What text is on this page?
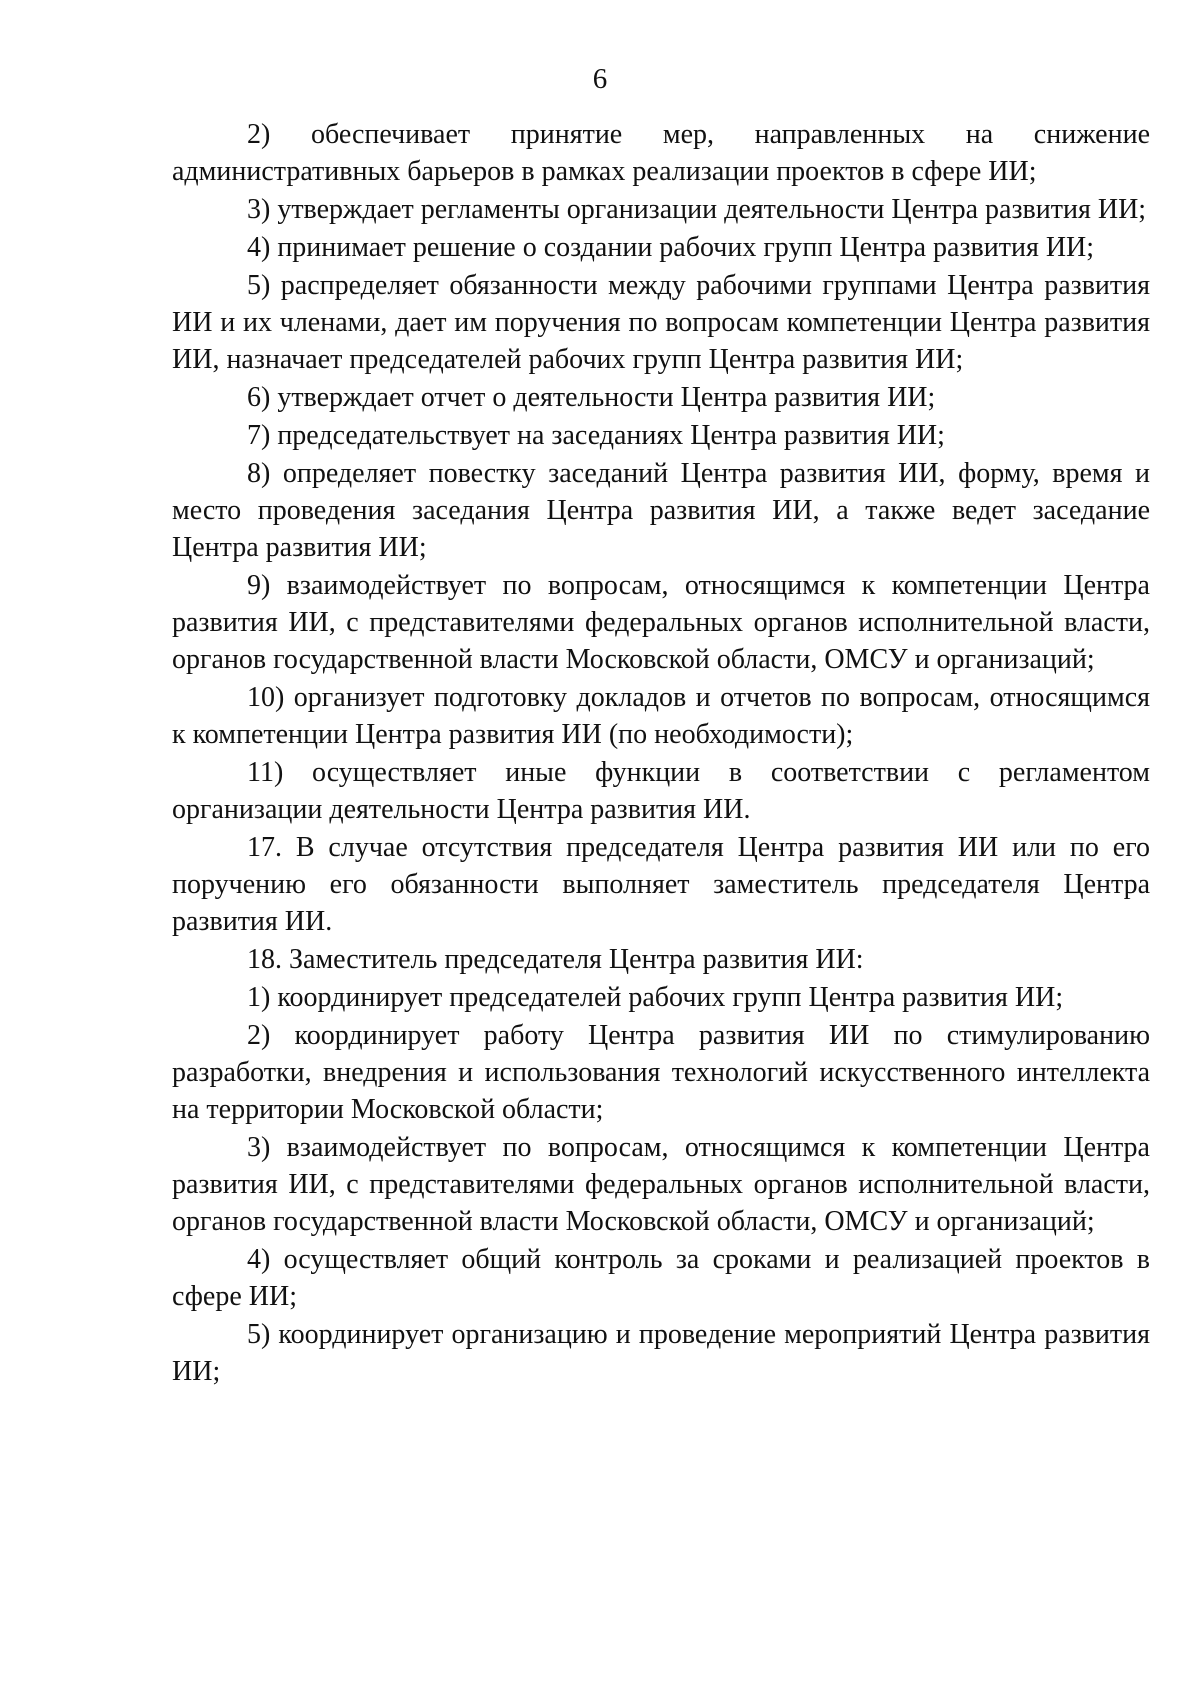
6

2) обеспечивает принятие мер, направленных на снижение административных барьеров в рамках реализации проектов в сфере ИИ;

3) утверждает регламенты организации деятельности Центра развития ИИ;

4) принимает решение о создании рабочих групп Центра развития ИИ;

5) распределяет обязанности между рабочими группами Центра развития ИИ и их членами, дает им поручения по вопросам компетенции Центра развития ИИ, назначает председателей рабочих групп Центра развития ИИ;

6) утверждает отчет о деятельности Центра развития ИИ;

7) председательствует на заседаниях Центра развития ИИ;

8) определяет повестку заседаний Центра развития ИИ, форму, время и место проведения заседания Центра развития ИИ, а также ведет заседание Центра развития ИИ;

9) взаимодействует по вопросам, относящимся к компетенции Центра развития ИИ, с представителями федеральных органов исполнительной власти, органов государственной власти Московской области, ОМСУ и организаций;

10) организует подготовку докладов и отчетов по вопросам, относящимся к компетенции Центра развития ИИ (по необходимости);

11) осуществляет иные функции в соответствии с регламентом организации деятельности Центра развития ИИ.

17. В случае отсутствия председателя Центра развития ИИ или по его поручению его обязанности выполняет заместитель председателя Центра развития ИИ.

18. Заместитель председателя Центра развития ИИ:

1) координирует председателей рабочих групп Центра развития ИИ;

2) координирует работу Центра развития ИИ по стимулированию разработки, внедрения и использования технологий искусственного интеллекта на территории Московской области;

3) взаимодействует по вопросам, относящимся к компетенции Центра развития ИИ, с представителями федеральных органов исполнительной власти, органов государственной власти Московской области, ОМСУ и организаций;

4) осуществляет общий контроль за сроками и реализацией проектов в сфере ИИ;

5) координирует организацию и проведение мероприятий Центра развития ИИ;
